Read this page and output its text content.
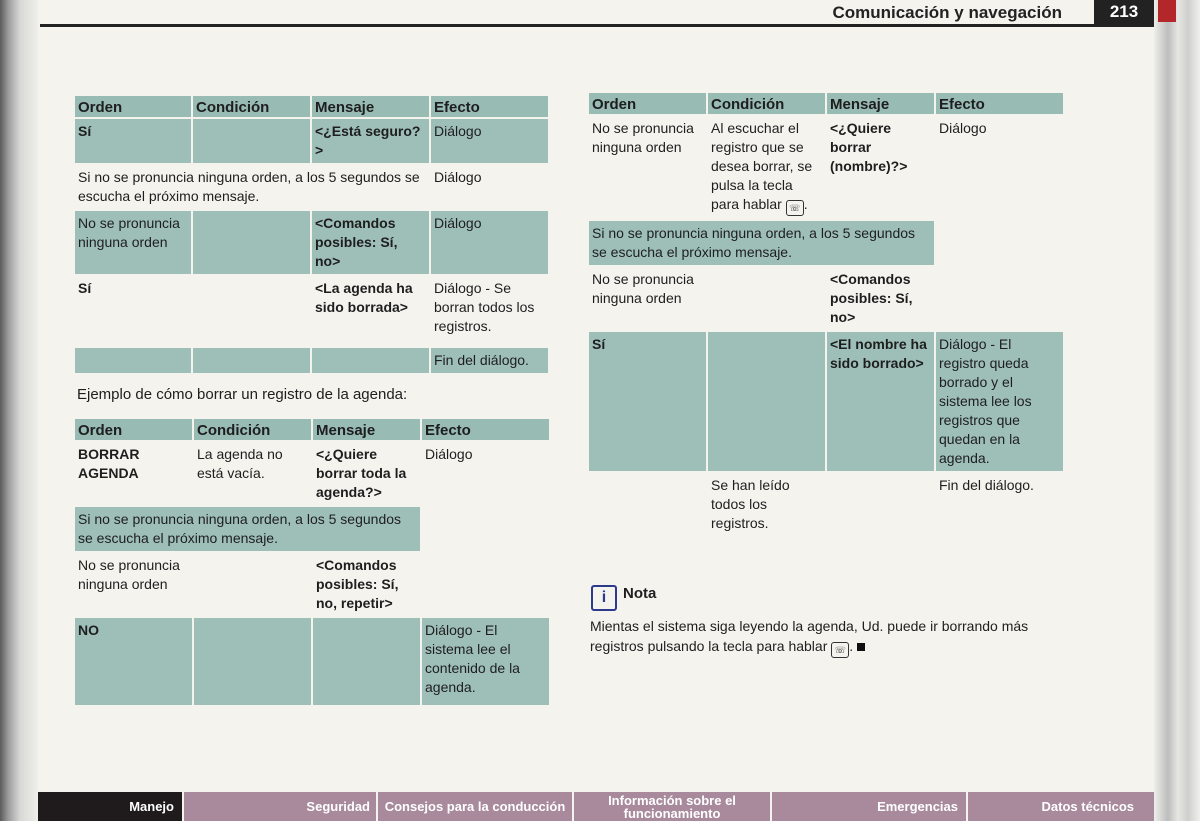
Comunicación y navegación	213
Orden	Condición	Mensaje	Efecto
Sí		<¿Está seguro?>	Diálogo
Si no se pronuncia ninguna orden, a los 5 segundos se escucha el próximo mensaje.			Diálogo
No se pronuncia ninguna orden		<Comandos posibles: Sí, no>	Diálogo
Sí		<La agenda ha sido borrada>	Diálogo - Se borran todos los registros.
			Fin del diálogo.
Ejemplo de cómo borrar un registro de la agenda:
Orden	Condición	Mensaje	Efecto
BORRAR AGENDA	La agenda no está vacía.	<¿Quiere borrar toda la agenda?>	Diálogo
Si no se pronuncia ninguna orden, a los 5 segundos se escucha el próximo mensaje.			
No se pronuncia ninguna orden		<Comandos posibles: Sí, no, repetir>	
NO			Diálogo - El sistema lee el contenido de la agenda.
Orden	Condición	Mensaje	Efecto
No se pronuncia ninguna orden	Al escuchar el registro que se desea borrar, se pulsa la tecla para hablar ☏ .	<¿Quiere borrar (nombre)?>	Diálogo
Si no se pronuncia ninguna orden, a los 5 segundos se escucha el próximo mensaje.			
No se pronuncia ninguna orden		<Comandos posibles: Sí, no>	
Sí		<El nombre ha sido borrado>	Diálogo - El registro queda borrado y el sistema lee los registros que quedan en la agenda.
	Se han leído todos los registros.		Fin del diálogo.
i Nota
Mientas el sistema siga leyendo la agenda, Ud. puede ir borrando más registros pulsando la tecla para hablar ☏ .
Manejo	Seguridad	Consejos para la conducción	Información sobre el funcionamiento	Emergencias	Datos técnicos
